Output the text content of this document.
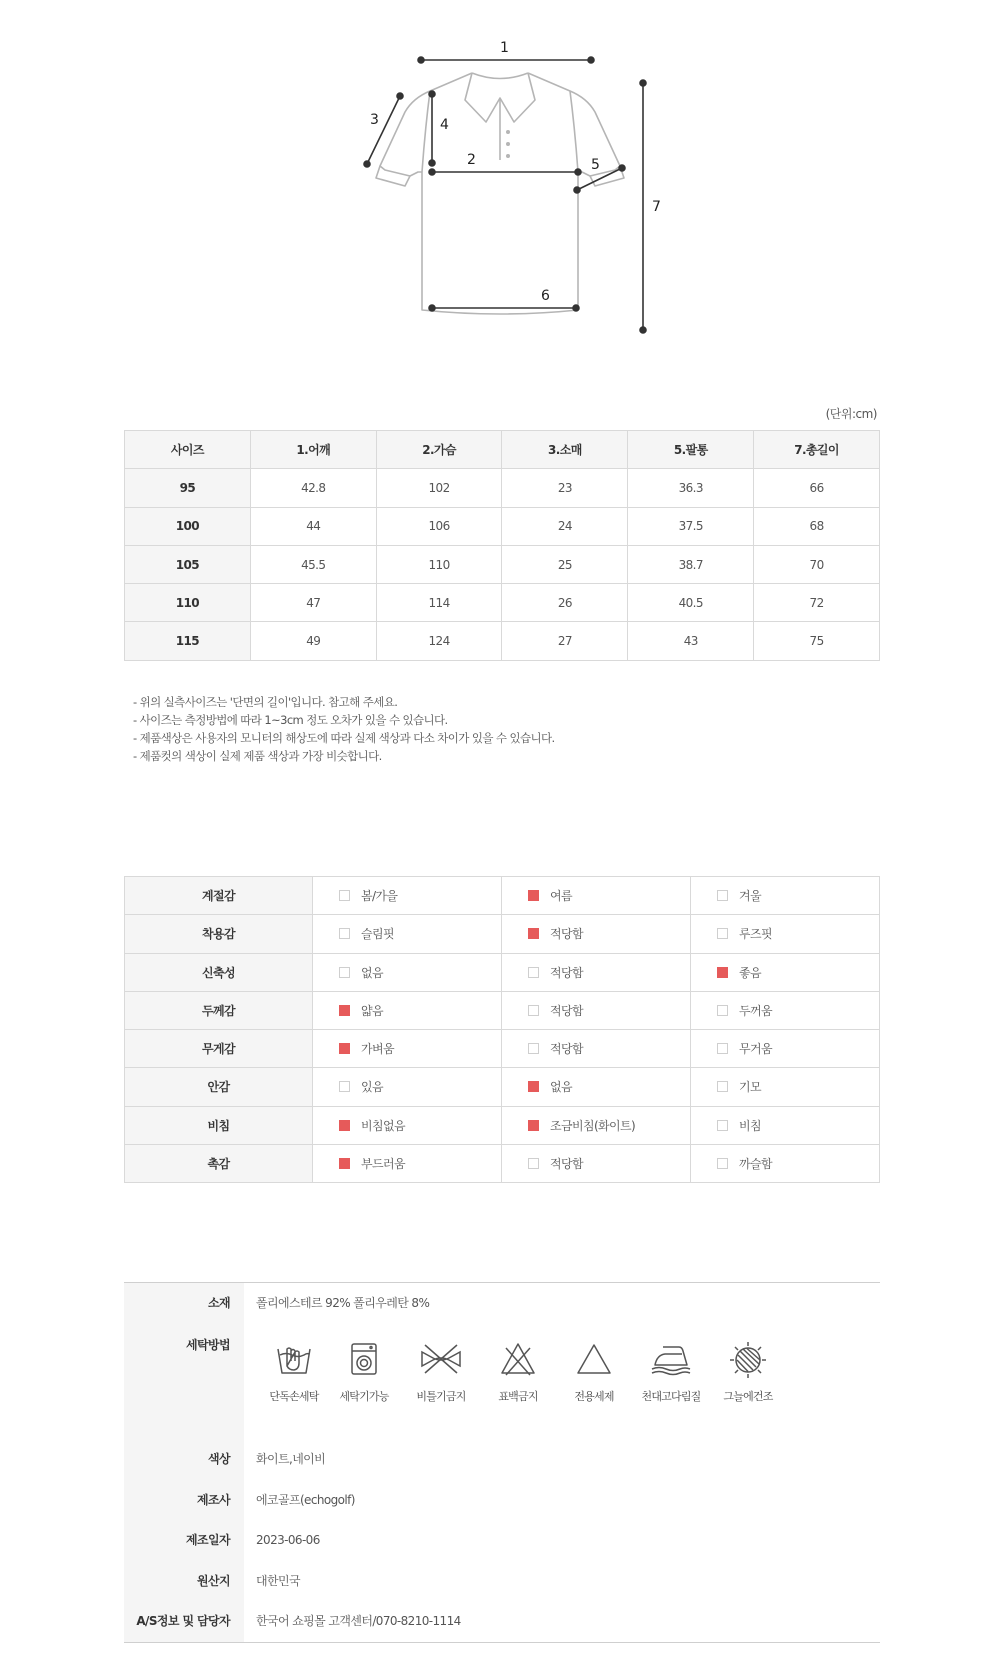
1
2
3	4
5
6
7
(단위:cm)
사이즈	1.어깨	2.가슴	3.소매	5.팔통	7.총길이
95	42.8	102	23	36.3	66
100	44	106	24	37.5	68
105	45.5	110	25	38.7	70
110	47	114	26	40.5	72
115	49	124	27	43	75
- 위의 실측사이즈는 '단면의 길이'입니다. 참고해 주세요.
- 사이즈는 측정방법에 따라 1~3cm 정도 오차가 있을 수 있습니다.
- 제품색상은 사용자의 모니터의 해상도에 따라 실제 색상과 다소 차이가 있을 수 있습니다.
- 제품컷의 색상이 실제 제품 색상과 가장 비슷합니다.
계절감	봄/가을	여름	겨울
착용감	슬림핏	적당함	루즈핏
신축성	없음	적당함	좋음
두께감	얇음	적당함	두꺼움
무게감	가벼움	적당함	무거움
안감	있음	없음	기모
비침	비침없음	조금비침(화이트)	비침
촉감	부드러움	적당함	까슬함
소재	폴리에스테르 92% 폴리우레탄 8%
세탁방법
단독손세탁	세탁기가능	비틀기금지	표백금지	전용세제	천대고다림질	그늘에건조
색상	화이트,네이비
제조사	에코골프(echogolf)
제조일자	2023-06-06
원산지	대한민국
A/S정보 및 담당자	한국어 쇼핑몰 고객센터/070-8210-1114
